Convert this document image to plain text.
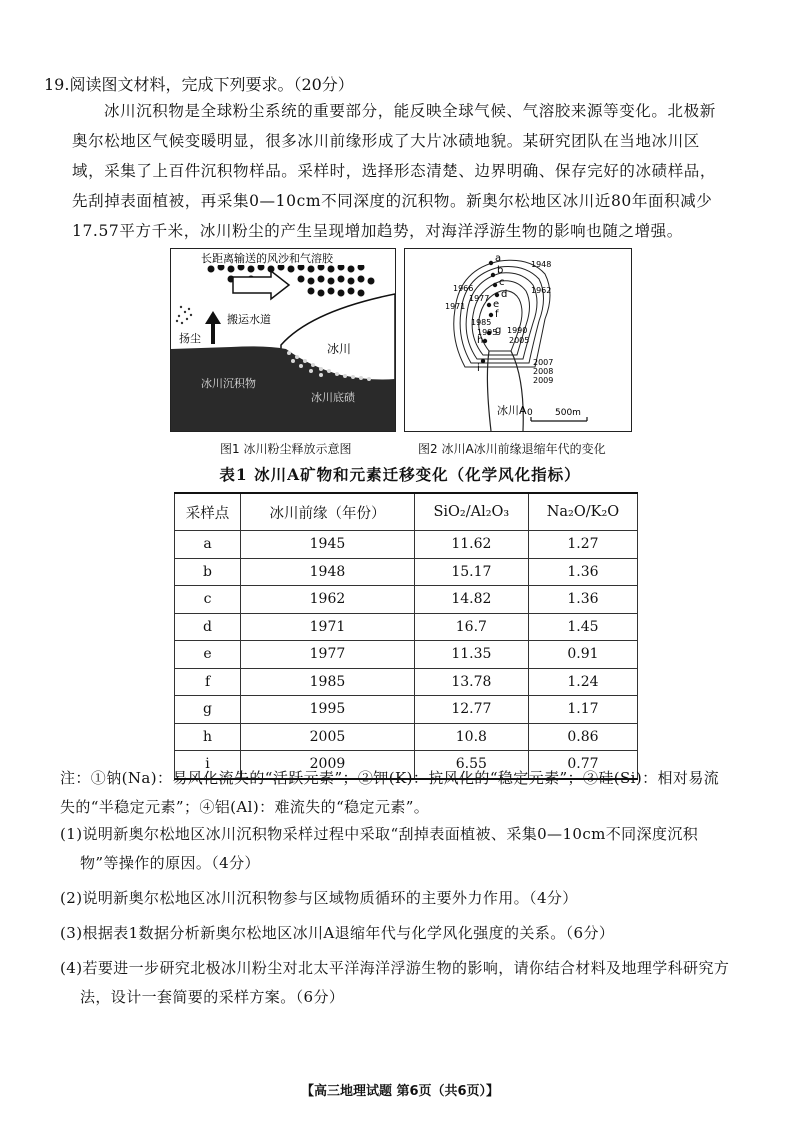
19.阅读图文材料，完成下列要求。（20分）
冰川沉积物是全球粉尘系统的重要部分，能反映全球气候、气溶胶来源等变化。北极新奥尔松地区气候变暖明显，很多冰川前缘形成了大片冰碛地貌。某研究团队在当地冰川区域，采集了上百件沉积物样品。采样时，选择形态清楚、边界明确、保存完好的冰碛样品，先刮掉表面植被，再采集0—10cm不同深度的沉积物。新奥尔松地区冰川近80年面积减少17.57平方千米，冰川粉尘的产生呈现增加趋势，对海洋浮游生物的影响也随之增强。
长距离输送的风沙和气溶胶
扬尘
搬运水道
冰川
冰川沉积物
冰川底碛
冰川A
a
b
c
d
e
f
g
h
i
1948
1962
1966
1971
1977
1985
1990
1995
2005
2007
2008
2009
0 500m
图1 冰川粉尘释放示意图	图2 冰川A冰川前缘退缩年代的变化
表1 冰川A矿物和元素迁移变化（化学风化指标）
采样点	冰川前缘（年份）	SiO₂/Al₂O₃	Na₂O/K₂O
a	1945	11.62	1.27
b	1948	15.17	1.36
c	1962	14.82	1.36
d	1971	16.7	1.45
e	1977	11.35	0.91
f	1985	13.78	1.24
g	1995	12.77	1.17
h	2005	10.8	0.86
i	2009	6.55	0.77
注：①钠(Na)：易风化流失的“活跃元素”；②钾(K)：抗风化的“稳定元素”；③硅(Si)：相对易流失的“半稳定元素”；④铝(Al)：难流失的“稳定元素”。

(1)说明新奥尔松地区冰川沉积物采样过程中采取“刮掉表面植被、采集0—10cm不同深度沉积物”等操作的原因。（4分）

(2)说明新奥尔松地区冰川沉积物参与区域物质循环的主要外力作用。（4分）

(3)根据表1数据分析新奥尔松地区冰川A退缩年代与化学风化强度的关系。（6分）

(4)若要进一步研究北极冰川粉尘对北太平洋海洋浮游生物的影响，请你结合材料及地理学科研究方法，设计一套简要的采样方案。（6分）

【高三地理试题 第6页（共6页）】
